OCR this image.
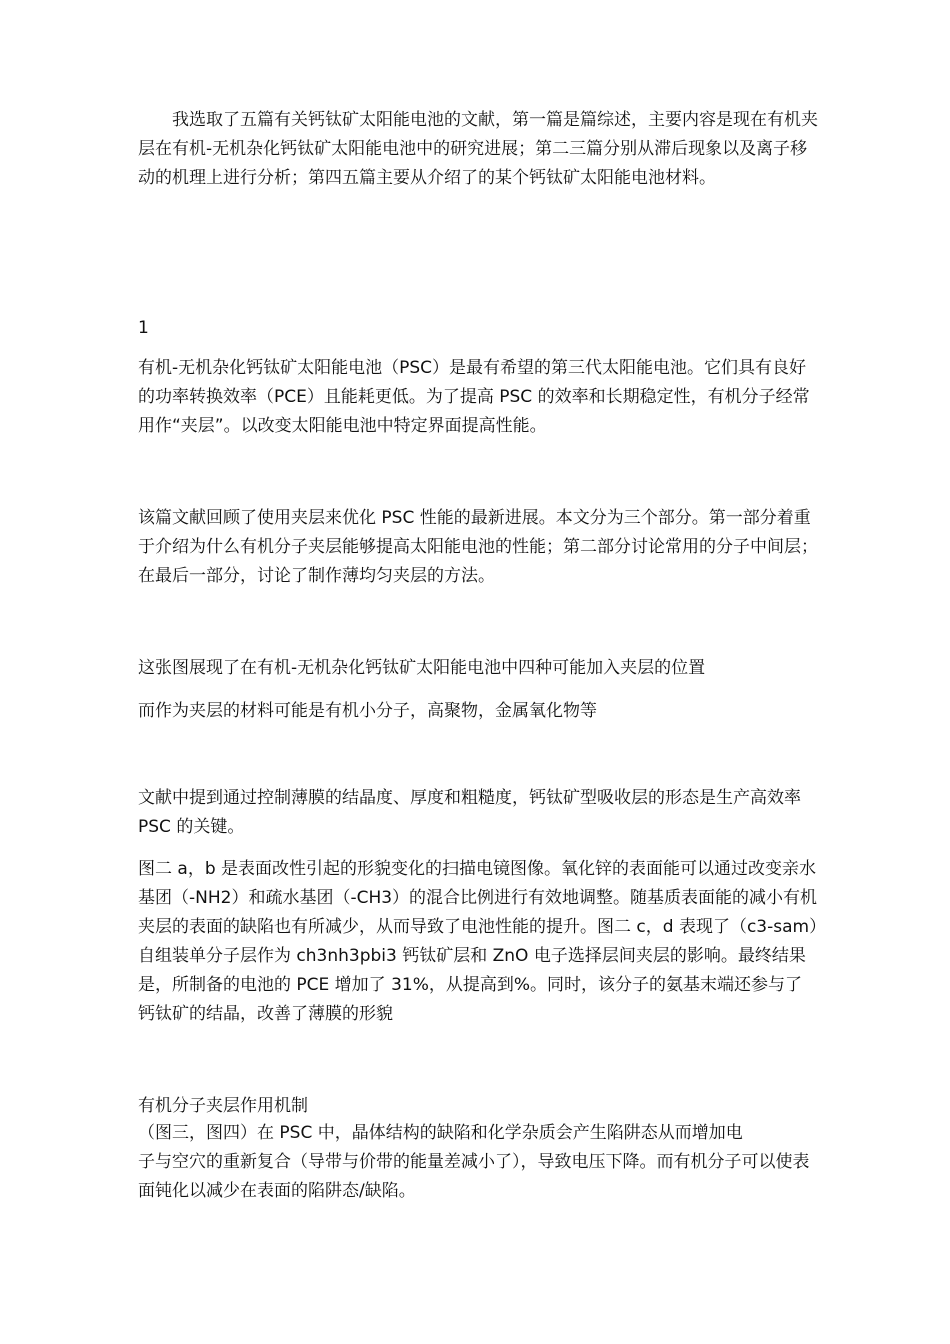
我选取了五篇有关钙钛矿太阳能电池的文献，第一篇是篇综述，主要内容是现在有机夹层在有机-无机杂化钙钛矿太阳能电池中的研究进展；第二三篇分别从滞后现象以及离子移动的机理上进行分析；第四五篇主要从介绍了的某个钙钛矿太阳能电池材料。

1

有机-无机杂化钙钛矿太阳能电池（PSC）是最有希望的第三代太阳能电池。它们具有良好的功率转换效率（PCE）且能耗更低。为了提高 PSC 的效率和长期稳定性，有机分子经常用作“夹层”。以改变太阳能电池中特定界面提高性能。

该篇文献回顾了使用夹层来优化 PSC 性能的最新进展。本文分为三个部分。第一部分着重于介绍为什么有机分子夹层能够提高太阳能电池的性能；第二部分讨论常用的分子中间层；在最后一部分，讨论了制作薄均匀夹层的方法。

这张图展现了在有机-无机杂化钙钛矿太阳能电池中四种可能加入夹层的位置

而作为夹层的材料可能是有机小分子，高聚物，金属氧化物等

文献中提到通过控制薄膜的结晶度、厚度和粗糙度，钙钛矿型吸收层的形态是生产高效率 PSC 的关键。

图二 a，b 是表面改性引起的形貌变化的扫描电镜图像。氧化锌的表面能可以通过改变亲水基团（-NH2）和疏水基团（-CH3）的混合比例进行有效地调整。随基质表面能的减小有机夹层的表面的缺陷也有所减少，从而导致了电池性能的提升。图二 c，d 表现了（c3-sam）自组装单分子层作为 ch3nh3pbi3 钙钛矿层和 ZnO 电子选择层间夹层的影响。最终结果是，所制备的电池的 PCE 增加了 31%，从提高到%。同时，该分子的氨基末端还参与了钙钛矿的结晶，改善了薄膜的形貌

有机分子夹层作用机制

（图三，图四）在 PSC 中，晶体结构的缺陷和化学杂质会产生陷阱态从而增加电
子与空穴的重新复合（导带与价带的能量差减小了），导致电压下降。而有机分子可以使表面钝化以减少在表面的陷阱态/缺陷。
